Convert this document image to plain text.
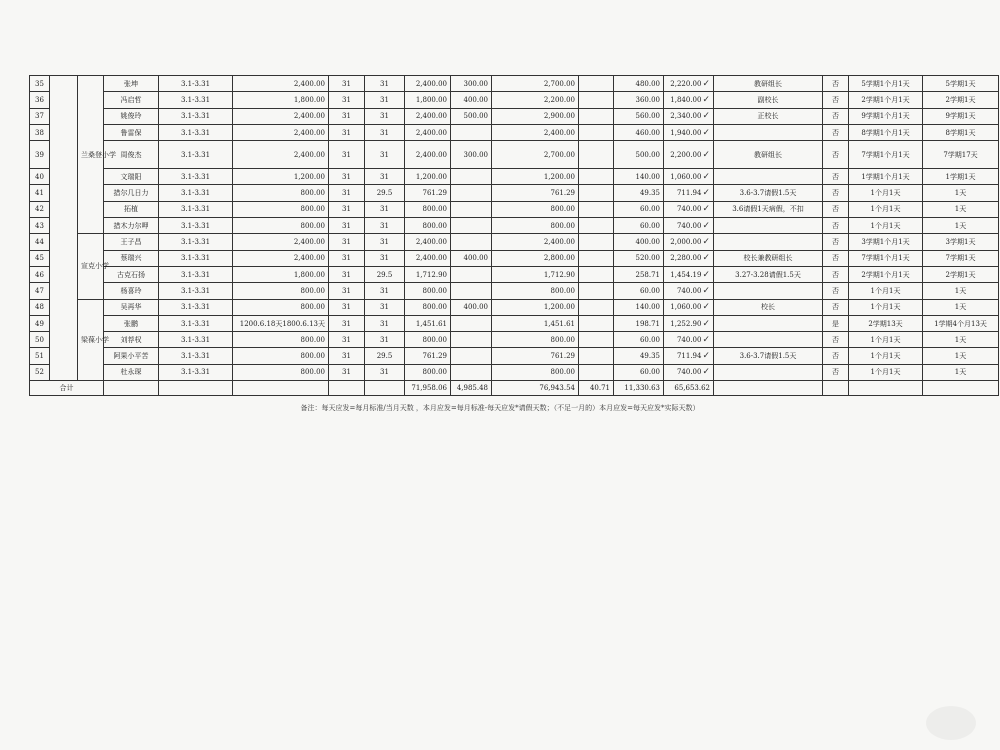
35		兰桑登小学	张坤	3.1-3.31	2,400.00	31	31	2,400.00	300.00	2,700.00		480.00	2,220.00✓	教研组长	否	5学期1个月1天	5学期1天
36			冯启哲	3.1-3.31	1,800.00	31	31	1,800.00	400.00	2,200.00		360.00	1,840.00✓	副校长	否	2学期1个月1天	2学期1天
37			姚俊玲	3.1-3.31	2,400.00	31	31	2,400.00	500.00	2,900.00		560.00	2,340.00✓	正校长	否	9学期1个月1天	9学期1天
38			鲁雷保	3.1-3.31	2,400.00	31	31	2,400.00		2,400.00		460.00	1,940.00✓		否	8学期1个月1天	8学期1天
39			周俊杰	3.1-3.31	2,400.00	31	31	2,400.00	300.00	2,700.00		500.00	2,200.00✓	教研组长	否	7学期1个月1天	7学期17天
40			文瑞阳	3.1-3.31	1,200.00	31	31	1,200.00		1,200.00		140.00	1,060.00✓		否	1学期1个月1天	1学期1天
41			措尔几日力	3.1-3.31	800.00	31	29.5	761.29		761.29		49.35	711.94✓	3.6-3.7请假1.5天	否	1个月1天	1天
42			拓植	3.1-3.31	800.00	31	31	800.00		800.00		60.00	740.00✓	3.6请假1天病假，不扣	否	1个月1天	1天
43			措木力尔呷	3.1-3.31	800.00	31	31	800.00		800.00		60.00	740.00✓		否	1个月1天	1天
44		宣克小学	王子昌	3.1-3.31	2,400.00	31	31	2,400.00		2,400.00		400.00	2,000.00✓		否	3学期1个月1天	3学期1天
45			蔡瑞兴	3.1-3.31	2,400.00	31	31	2,400.00	400.00	2,800.00		520.00	2,280.00✓	校长兼教研组长	否	7学期1个月1天	7学期1天
46			古克石扬	3.1-3.31	1,800.00	31	29.5	1,712.90		1,712.90		258.71	1,454.19✓	3.27-3.28请假1.5天	否	2学期1个月1天	2学期1天
47			杨喜玲	3.1-3.31	800.00	31	31	800.00		800.00		60.00	740.00✓		否	1个月1天	1天
48		梁葆小学	吴再华	3.1-3.31	800.00	31	31	800.00	400.00	1,200.00		140.00	1,060.00✓	校长	否	1个月1天	1天
49			张鹏	3.1-3.31	1200.6.18天1800.6.13天	31	31	1,451.61		1,451.61		198.71	1,252.90✓		是	2学期13天	1学期4个月13天
50			刘荐权	3.1-3.31	800.00	31	31	800.00		800.00		60.00	740.00✓		否	1个月1天	1天
51			阿果小平苦	3.1-3.31	800.00	31	29.5	761.29		761.29		49.35	711.94✓	3.6-3.7请假1.5天	否	1个月1天	1天
52			杜永琛	3.1-3.31	800.00	31	31	800.00		800.00		60.00	740.00✓		否	1个月1天	1天
合计								71,958.06	4,985.48	76,943.54	40.71	11,330.63	65,653.62				
备注：每天应发=每月标准/当月天数 ，本月应发=每月标准-每天应发*请假天数；（不足一月的）本月应发=每天应发*实际天数）
